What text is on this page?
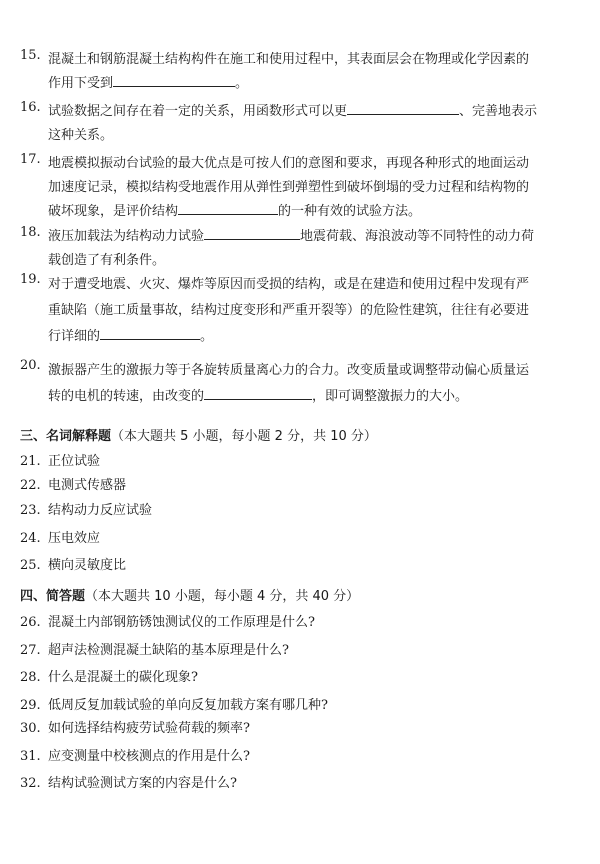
15. 混凝土和钢筋混凝土结构构件在施工和使用过程中，其表面层会在物理或化学因素的作用下受到	。
16. 试验数据之间存在着一定的关系，用函数形式可以更	、完善地表示这种关系。
17. 地震模拟振动台试验的最大优点是可按人们的意图和要求，再现各种形式的地面运动加速度记录，模拟结构受地震作用从弹性到弹塑性到破坏倒塌的受力过程和结构物的破坏现象，是评价结构	的一种有效的试验方法。
18. 液压加载法为结构动力试验	地震荷载、海浪波动等不同特性的动力荷载创造了有利条件。
19. 对于遭受地震、火灾、爆炸等原因而受损的结构，或是在建造和使用过程中发现有严重缺陷（施工质量事故，结构过度变形和严重开裂等）的危险性建筑，往往有必要进行详细的	。
20. 激振器产生的激振力等于各旋转质量离心力的合力。改变质量或调整带动偏心质量运转的电机的转速，由改变的	，即可调整激振力的大小。
三、名词解释题（本大题共 5 小题，每小题 2 分，共 10 分）
21. 正位试验
22. 电测式传感器
23. 结构动力反应试验
24. 压电效应
25. 横向灵敏度比
四、简答题（本大题共 10 小题，每小题 4 分，共 40 分）
26. 混凝土内部钢筋锈蚀测试仪的工作原理是什么?
27. 超声法检测混凝土缺陷的基本原理是什么?
28. 什么是混凝土的碳化现象?
29. 低周反复加载试验的单向反复加载方案有哪几种?
30. 如何选择结构疲劳试验荷载的频率?
31. 应变测量中校核测点的作用是什么?
32. 结构试验测试方案的内容是什么?
